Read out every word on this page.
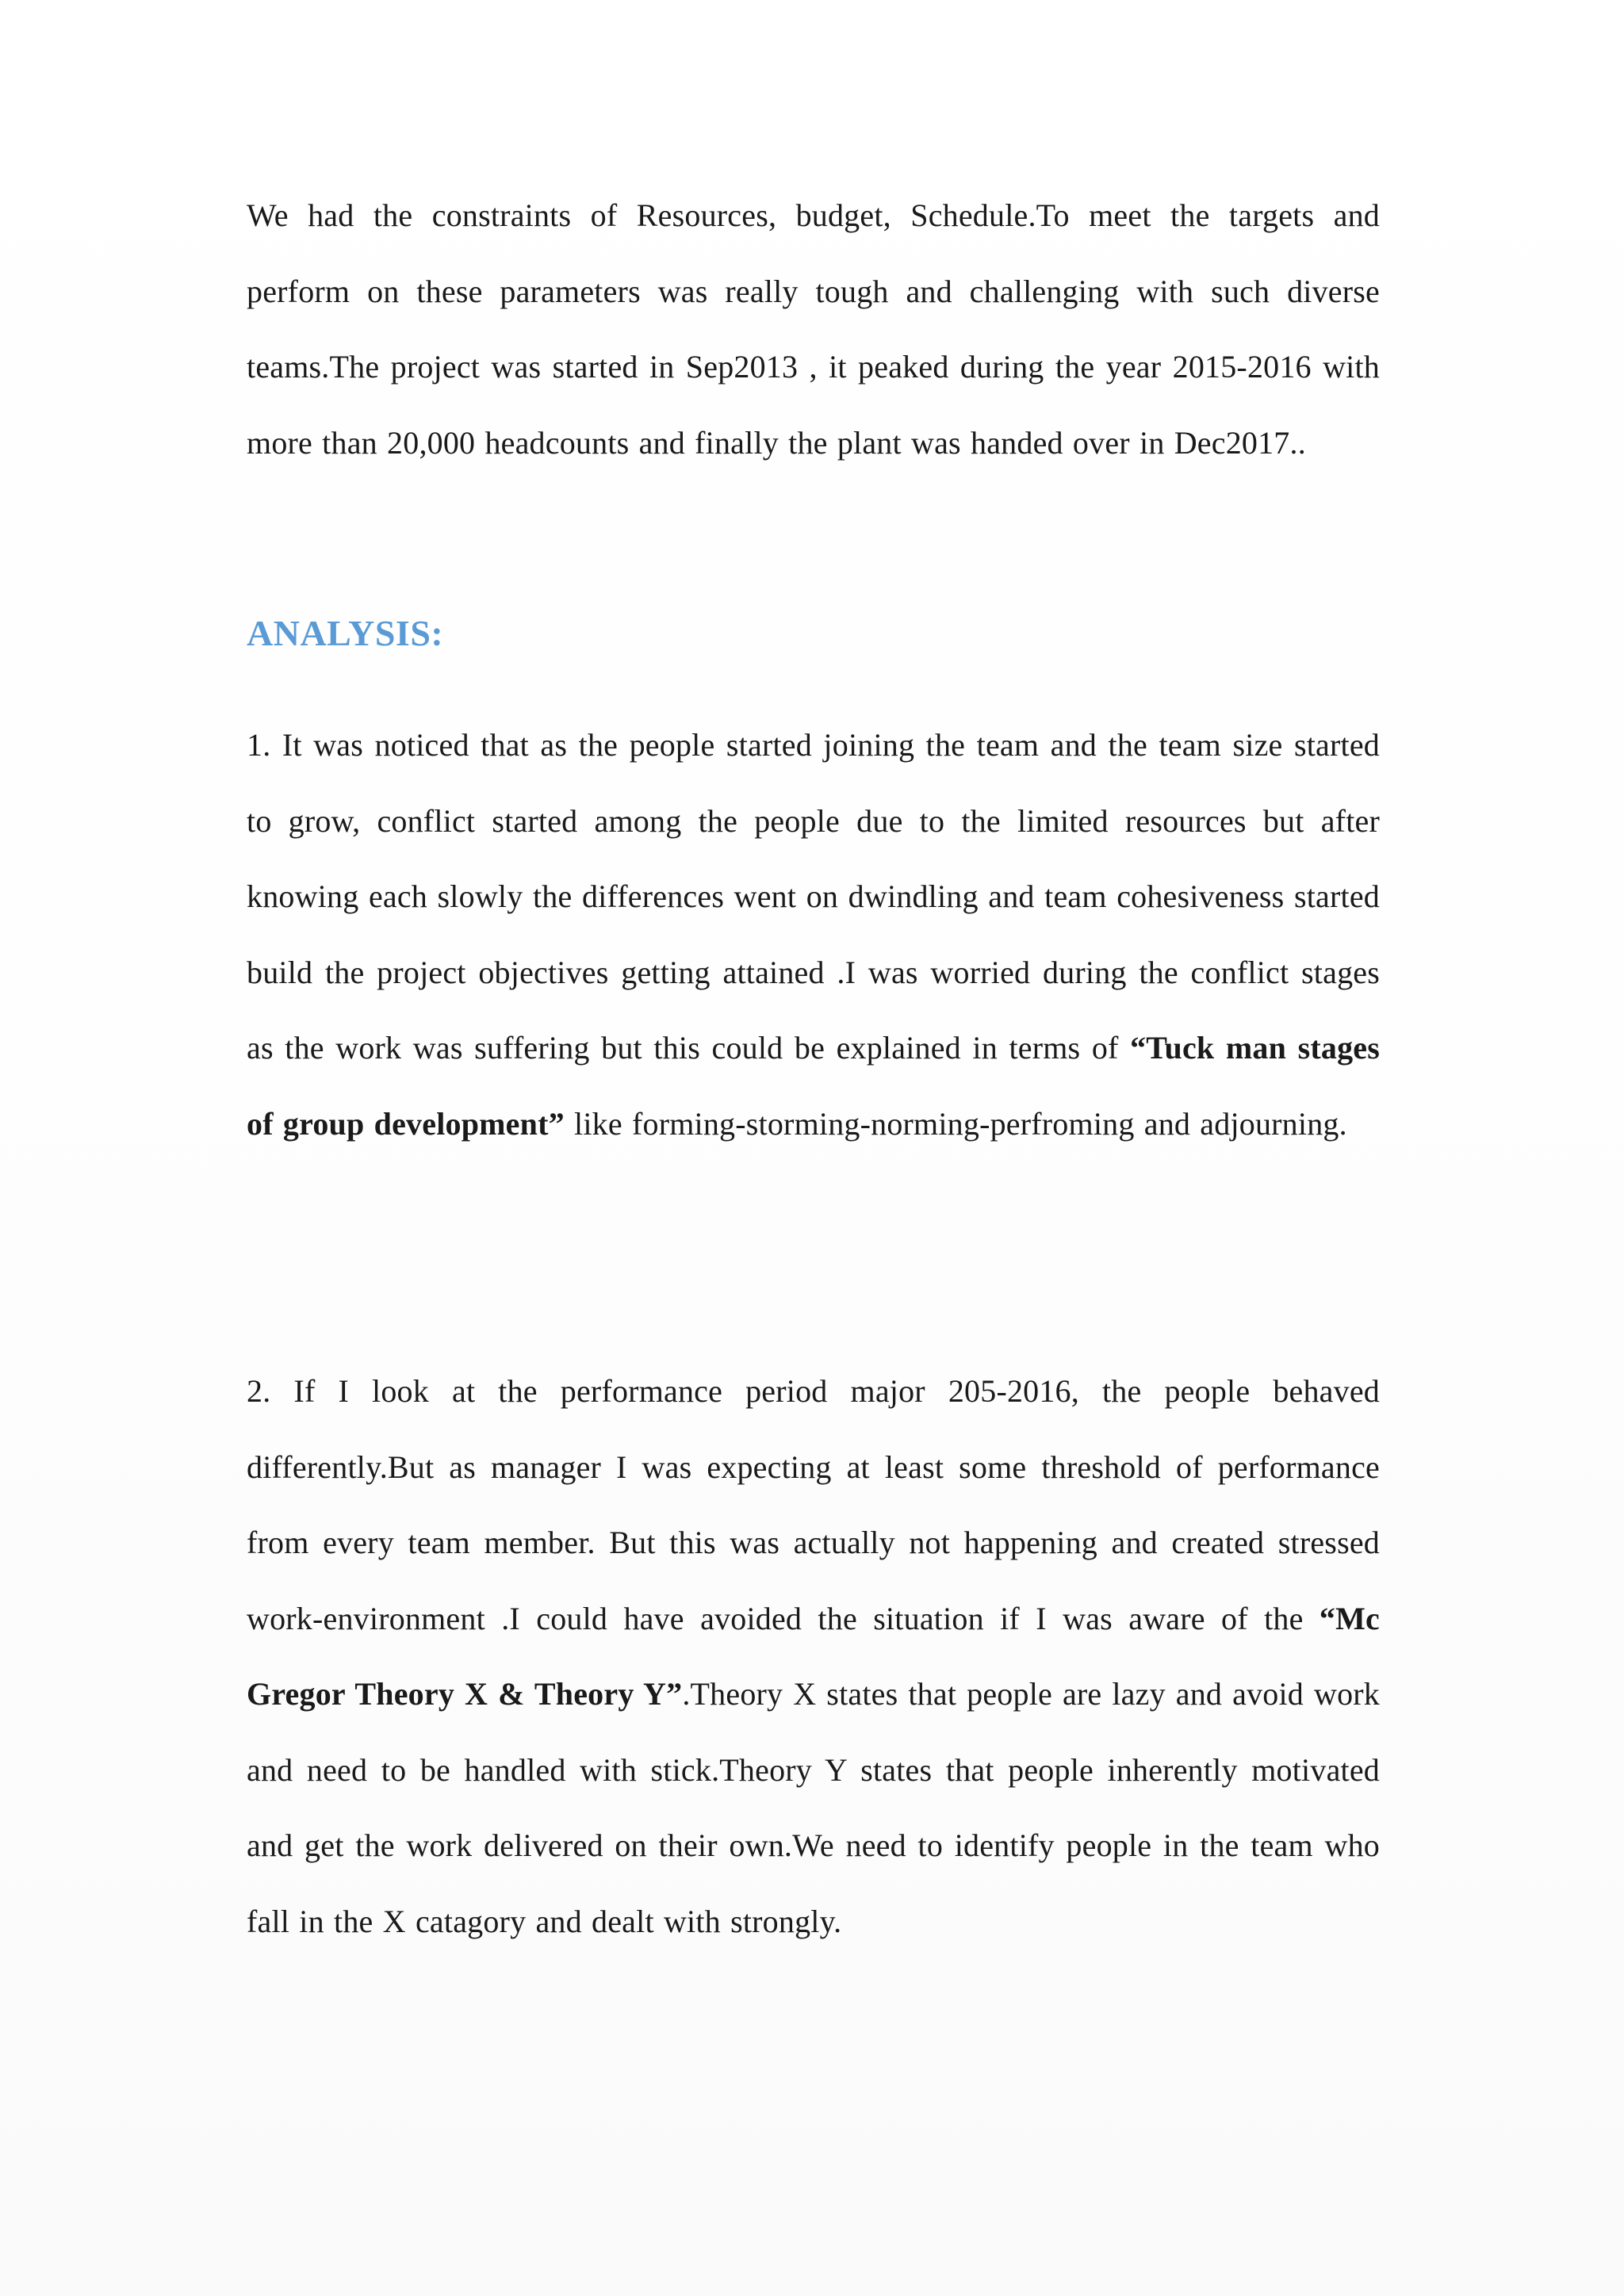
We had the constraints of Resources, budget, Schedule.To meet the targets and perform on these parameters was really tough and challenging with such diverse teams.The project was started in Sep2013 , it peaked during the year 2015-2016 with more than 20,000 headcounts and finally the plant was handed over in Dec2017..

ANALYSIS:

1. It was noticed that as the people started joining the team and the team size started to grow, conflict started among the people due to the limited resources but after knowing each slowly the differences went on dwindling and team cohesiveness started build the project objectives getting attained .I was worried during the conflict stages as the work was suffering but this could be explained in terms of “Tuck man stages of group development” like forming-storming-norming-perfroming and adjourning.

2. If I look at the performance period major 205-2016, the people behaved differently.But as manager I was expecting at least some threshold of performance from every team member. But this was actually not happening and created stressed work-environment .I could have avoided the situation if I was aware of the “Mc Gregor Theory X & Theory Y”.Theory X states that people are lazy and avoid work and need to be handled with stick.Theory Y states that people inherently motivated and get the work delivered on their own.We need to identify people in the team who fall in the X catagory and dealt with strongly.
